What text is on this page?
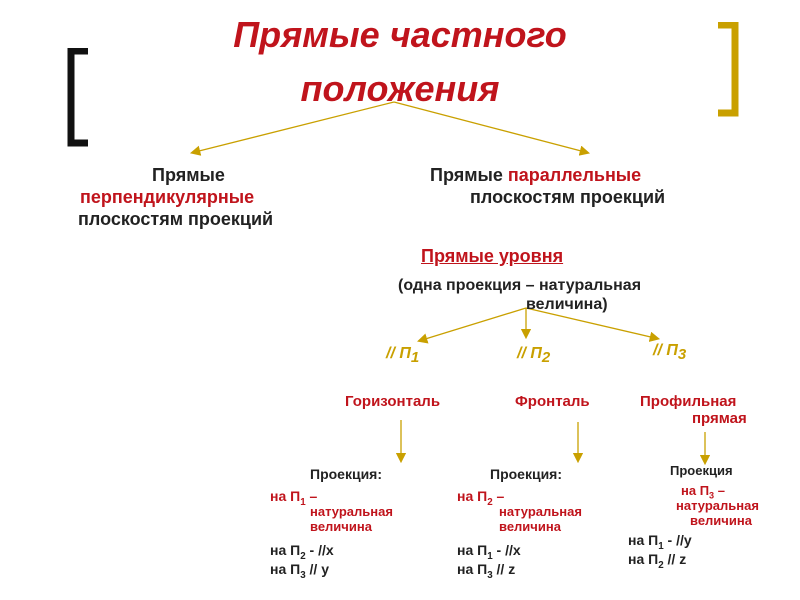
Прямые частного
положения
Прямые
перпендикулярные
плоскостям проекций
Прямые параллельные
плоскостям проекций
Прямые уровня
(одна проекция – натуральная
величина)
// $П_1$	// $П_2$	// $П_3$
Горизонталь	Фронталь	Профильная
прямая
Проекция:
на $П_1$ –
натуральная
величина
на $П_2 - //x$
на $П_3$ // y
Проекция:
на $П_2$ –
натуральная
величина
на $П_1 - //x$
на $П_3$ // z
Проекция
на $П_3$ –
натуральная
величина
на $П_1 - //y$
на $П_2$ // z
